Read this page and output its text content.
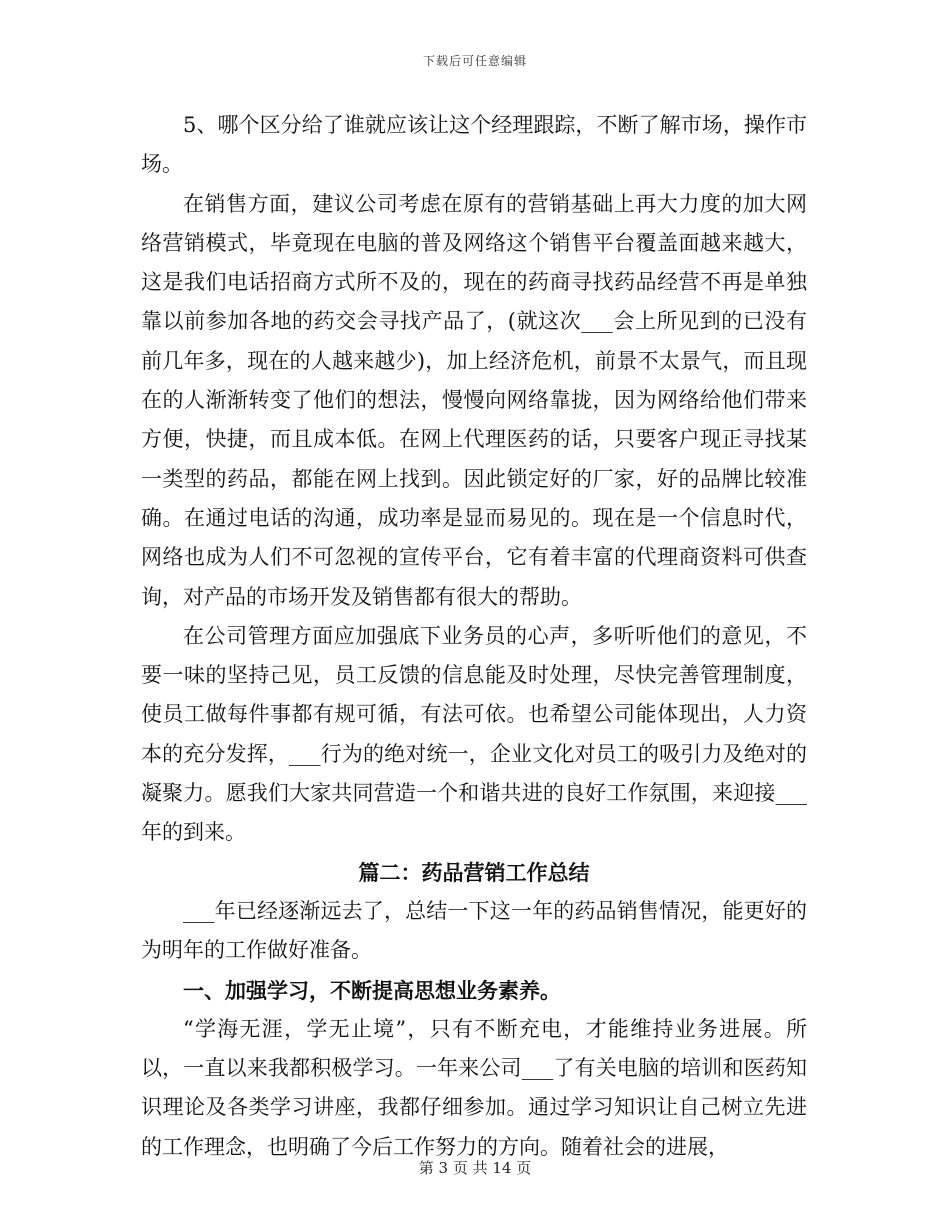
下载后可任意编辑

5、哪个区分给了谁就应该让这个经理跟踪，不断了解市场，操作市场。

在销售方面，建议公司考虑在原有的营销基础上再大力度的加大网络营销模式，毕竟现在电脑的普及网络这个销售平台覆盖面越来越大，这是我们电话招商方式所不及的，现在的药商寻找药品经营不再是单独靠以前参加各地的药交会寻找产品了，(就这次___会上所见到的已没有前几年多，现在的人越来越少)，加上经济危机，前景不太景气，而且现在的人渐渐转变了他们的想法，慢慢向网络靠拢，因为网络给他们带来方便，快捷，而且成本低。在网上代理医药的话，只要客户现正寻找某一类型的药品，都能在网上找到。因此锁定好的厂家，好的品牌比较准确。在通过电话的沟通，成功率是显而易见的。现在是一个信息时代，网络也成为人们不可忽视的宣传平台，它有着丰富的代理商资料可供查询，对产品的市场开发及销售都有很大的帮助。

在公司管理方面应加强底下业务员的心声，多听听他们的意见，不要一味的坚持己见，员工反馈的信息能及时处理，尽快完善管理制度，使员工做每件事都有规可循，有法可依。也希望公司能体现出，人力资本的充分发挥，___行为的绝对统一，企业文化对员工的吸引力及绝对的凝聚力。愿我们大家共同营造一个和谐共进的良好工作氛围，来迎接___年的到来。

篇二：药品营销工作总结

___年已经逐渐远去了，总结一下这一年的药品销售情况，能更好的为明年的工作做好准备。

一、加强学习，不断提高思想业务素养。

“学海无涯，学无止境”，只有不断充电，才能维持业务进展。所以，一直以来我都积极学习。一年来公司___了有关电脑的培训和医药知识理论及各类学习讲座，我都仔细参加。通过学习知识让自己树立先进的工作理念，也明确了今后工作努力的方向。随着社会的进展，

第 3 页 共 14 页
